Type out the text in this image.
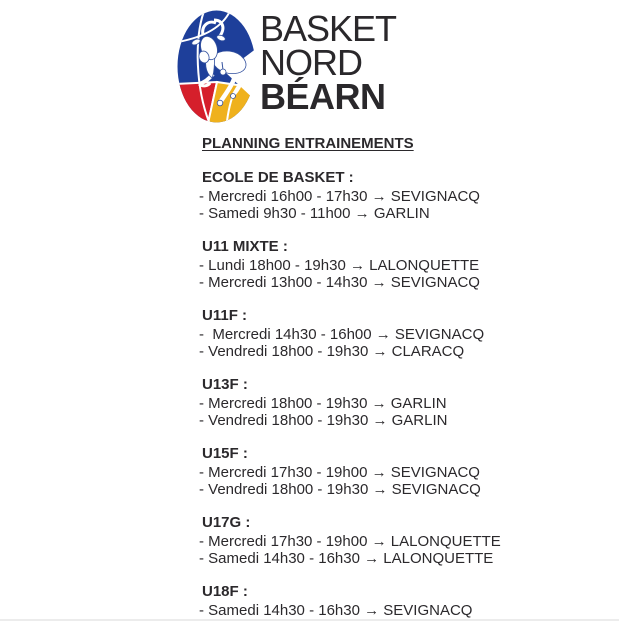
BASKET
NORD
BÉARN
PLANNING ENTRAINEMENTS
ECOLE DE BASKET :
- Mercredi 16h00 - 17h30 → SEVIGNACQ
- Samedi 9h30 - 11h00 → GARLIN
U11 MIXTE :
- Lundi 18h00 - 19h30 → LALONQUETTE
- Mercredi 13h00 - 14h30 → SEVIGNACQ
U11F :
-  Mercredi 14h30 - 16h00 → SEVIGNACQ
- Vendredi 18h00 - 19h30 → CLARACQ
U13F :
- Mercredi 18h00 - 19h30 → GARLIN
- Vendredi 18h00 - 19h30 → GARLIN
U15F :
- Mercredi 17h30 - 19h00 → SEVIGNACQ
- Vendredi 18h00 - 19h30 → SEVIGNACQ
U17G :
- Mercredi 17h30 - 19h00 → LALONQUETTE
- Samedi 14h30 - 16h30 → LALONQUETTE
U18F :
- Samedi 14h30 - 16h30 → SEVIGNACQ
